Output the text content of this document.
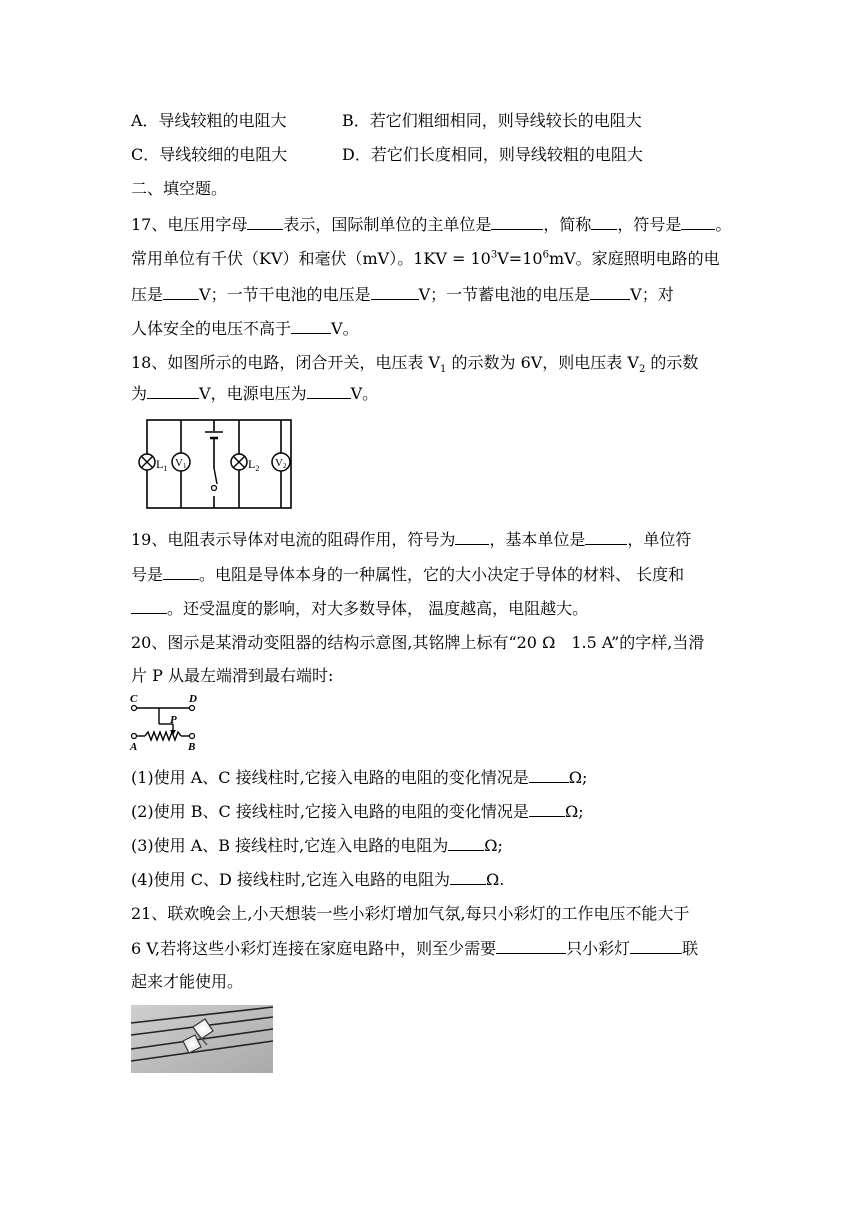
A．导线较粗的电阻大	B．若它们粗细相同，则导线较长的电阻大
C．导线较细的电阻大	D．若它们长度相同，则导线较粗的电阻大
二、填空题。
17、电压用字母 表示，国际制单位的主单位是	，简称 ，符号是 。
常用单位有千伏（KV）和毫伏（mV）。$1KV = 10^3V=10^6mV$。家庭照明电路的电
压是 V；一节干电池的电压是	V；一节蓄电池的电压是	V；对
人体安全的电压不高于	V。
18、如图所示的电路，闭合开关，电压表 $V_1$ 的示数为 6V，则电压表 $V_2$ 的示数
为	V，电源电压为	V。
$L_1$ V1	$L_2$ V2
19、电阻表示导体对电流的阻碍作用，符号为 ，基本单位是	，单位符
号是 。电阻是导体本身的一种属性，它的大小决定于导体的材料、 长度和
。还受温度的影响，对大多数导体， 温度越高，电阻越大。
20、图示是某滑动变阻器的结构示意图,其铭牌上标有“20 Ω　1.5 A”的字样,当滑
片 P 从最左端滑到最右端时:
C	D
P
A	B
(1)使用 A、C 接线柱时,它接入电路的电阻的变化情况是	Ω;
(2)使用 B、C 接线柱时,它接入电路的电阻的变化情况是 Ω;
(3)使用 A、B 接线柱时,它连入电路的电阻为 Ω;
(4)使用 C、D 接线柱时,它连入电路的电阻为 Ω.
21、联欢晚会上,小天想装一些小彩灯增加气氛,每只小彩灯的工作电压不能大于
6 V,若将这些小彩灯连接在家庭电路中，则至少需要	只小彩灯	联
起来才能使用。
